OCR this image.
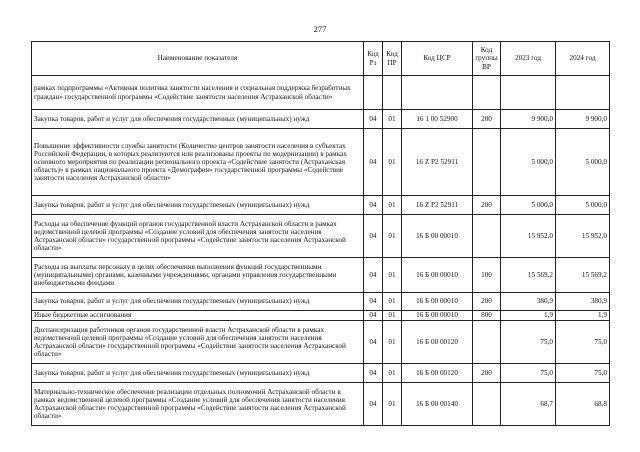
277
Наименование показателя	Код Рз	Код ПР	Код ЦСР	Код группы ВР	2023 год	2024 год
рамках подпрограммы «Активная политика занятости населения и социальная поддержка безработных граждан» государственной программы «Содействие занятости населения Астраханской области»						
Закупка товаров, работ и услуг для обеспечения государственных (муниципальных) нужд	04	01	16 1 00 52900	200	9 900,0	9 900,0
Повышение эффективности службы занятости (Количество центров занятости населения в субъектах Российской Федерации, в которых реализуются или реализованы проекты по модернизации) в рамках основного мероприятия по реализации регионального проекта «Содействие занятости (Астраханская область)» в рамках национального проекта «Демография» государственной программы «Содействие занятости населения Астраханской области»	04	01	16 Z P2 52911		5 000,0	5 000,0
Закупка товаров, работ и услуг для обеспечения государственных (муниципальных) нужд	04	01	16 Z P2 52911	200	5 000,0	5 000,0
Расходы на обеспечение функций органов государственной власти Астраханской области в рамках ведомственной целевой программы «Создание условий для обеспечения занятости населения Астраханской области» государственной программы «Содействие занятости населения Астраханской области»	04	01	16 Б 00 00010		15 952,0	15 952,0
Расходы на выплаты персоналу в целях обеспечения выполнения функций государственными (муниципальными) органами, казенными учреждениями, органами управления государственными внебюджетными фондами	04	01	16 Б 00 00010	100	15 569,2	15 569,2
Закупка товаров, работ и услуг для обеспечения государственных (муниципальных) нужд	04	01	16 Б 00 00010	200	380,9	380,9
Иные бюджетные ассигнования	04	01	16 Б 00 00010	800	1,9	1,9
Диспансеризация работников органов государственной власти Астраханской области в рамках ведомственной целевой программы «Создание условий для обеспечения занятости населения Астраханской области» государственной программы «Содействие занятости населения Астраханской области»	04	01	16 Б 00 00120		75,0	75,0
Закупка товаров, работ и услуг для обеспечения государственных (муниципальных) нужд	04	01	16 Б 00 00120	200	75,0	75,0
Материально-техническое обеспечение реализации отдельных полномочий Астраханской области в рамках ведомственной целевой программы «Создание условий для обеспечения занятости населения Астраханской области» государственной программы «Содействие занятости населения Астраханской области»	04	01	16 Б 00 00140		68,7	68,8
